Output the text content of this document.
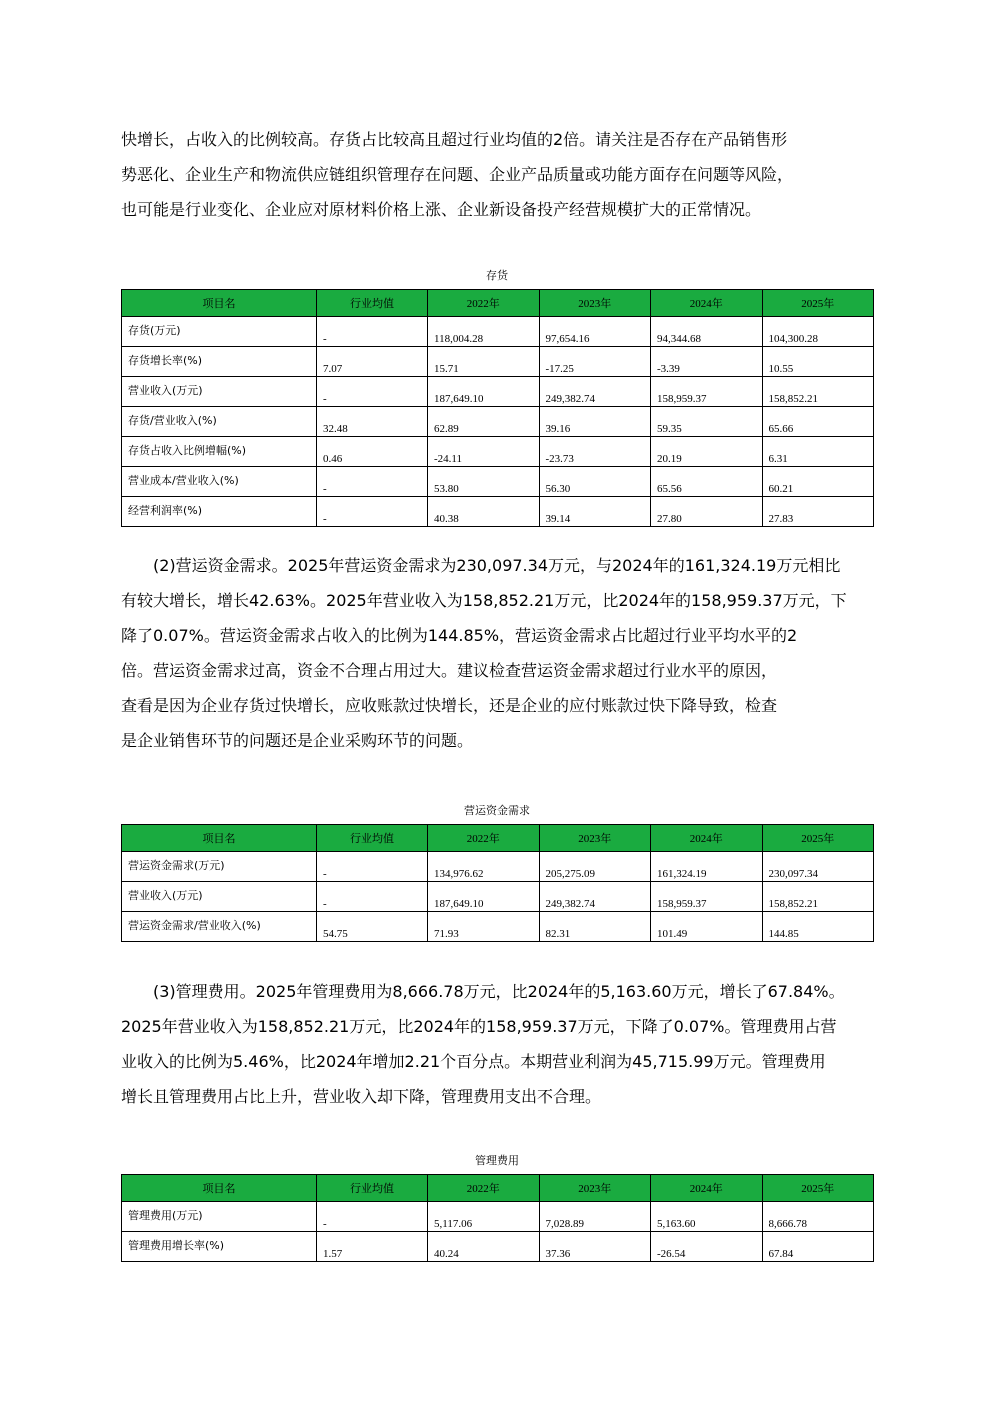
快增长，占收入的比例较高。存货占比较高且超过行业均值的2倍。请关注是否存在产品销售形
势恶化、企业生产和物流供应链组织管理存在问题、企业产品质量或功能方面存在问题等风险，
也可能是行业变化、企业应对原材料价格上涨、企业新设备投产经营规模扩大的正常情况。
存货
项目名	行业均值	2022年	2023年	2024年	2025年
存货(万元)	-	118,004.28	97,654.16	94,344.68	104,300.28
存货增长率(%)	7.07	15.71	-17.25	-3.39	10.55
营业收入(万元)	-	187,649.10	249,382.74	158,959.37	158,852.21
存货/营业收入(%)	32.48	62.89	39.16	59.35	65.66
存货占收入比例增幅(%)	0.46	-24.11	-23.73	20.19	6.31
营业成本/营业收入(%)	-	53.80	56.30	65.56	60.21
经营利润率(%)	-	40.38	39.14	27.80	27.83
　　(2)营运资金需求。2025年营运资金需求为230,097.34万元，与2024年的161,324.19万元相比
有较大增长，增长42.63%。2025年营业收入为158,852.21万元，比2024年的158,959.37万元，下
降了0.07%。营运资金需求占收入的比例为144.85%，营运资金需求占比超过行业平均水平的2
倍。营运资金需求过高，资金不合理占用过大。建议检查营运资金需求超过行业水平的原因，
查看是因为企业存货过快增长，应收账款过快增长，还是企业的应付账款过快下降导致，检查
是企业销售环节的问题还是企业采购环节的问题。
营运资金需求
项目名	行业均值	2022年	2023年	2024年	2025年
营运资金需求(万元)	-	134,976.62	205,275.09	161,324.19	230,097.34
营业收入(万元)	-	187,649.10	249,382.74	158,959.37	158,852.21
营运资金需求/营业收入(%)	54.75	71.93	82.31	101.49	144.85
　　(3)管理费用。2025年管理费用为8,666.78万元，比2024年的5,163.60万元，增长了67.84%。
2025年营业收入为158,852.21万元，比2024年的158,959.37万元，下降了0.07%。管理费用占营
业收入的比例为5.46%，比2024年增加2.21个百分点。本期营业利润为45,715.99万元。管理费用
增长且管理费用占比上升，营业收入却下降，管理费用支出不合理。
管理费用
项目名	行业均值	2022年	2023年	2024年	2025年
管理费用(万元)	-	5,117.06	7,028.89	5,163.60	8,666.78
管理费用增长率(%)	1.57	40.24	37.36	-26.54	67.84
